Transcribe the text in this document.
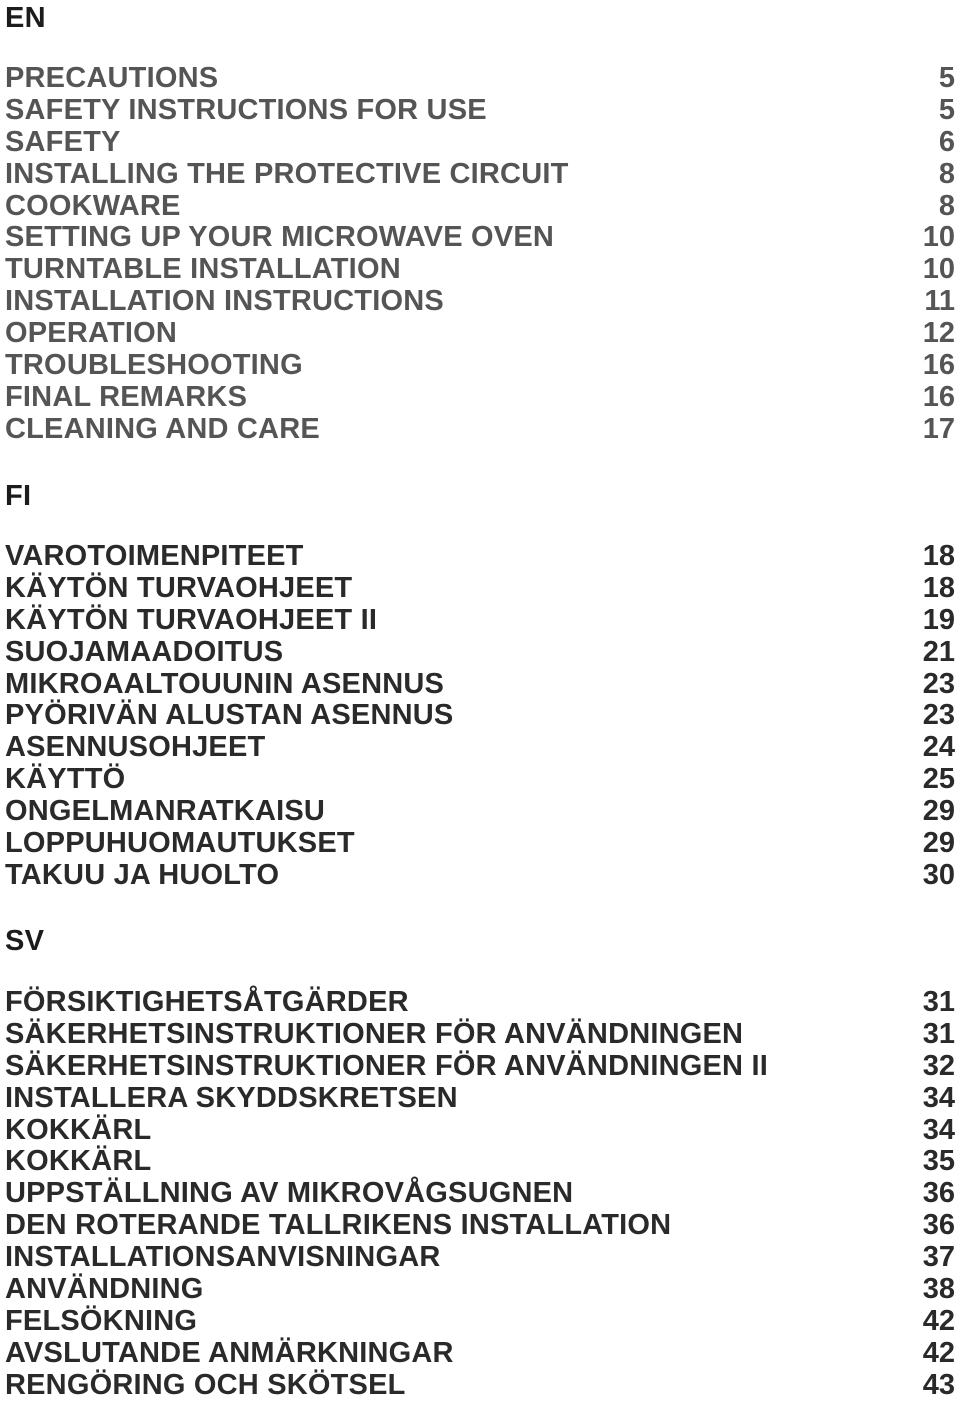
EN
PRECAUTIONS	5
SAFETY INSTRUCTIONS FOR USE	5
SAFETY	6
INSTALLING THE PROTECTIVE CIRCUIT	8
COOKWARE	8
SETTING UP YOUR MICROWAVE OVEN	10
TURNTABLE INSTALLATION	10
INSTALLATION INSTRUCTIONS	11
OPERATION	12
TROUBLESHOOTING	16
FINAL REMARKS	16
CLEANING AND CARE	17
FI
VAROTOIMENPITEET	18
KÄYTÖN TURVAOHJEET	18
KÄYTÖN TURVAOHJEET II	19
SUOJAMAADOITUS	21
MIKROAALTOUUNIN ASENNUS	23
PYÖRIVÄN ALUSTAN ASENNUS	23
ASENNUSOHJEET	24
KÄYTTÖ	25
ONGELMANRATKAISU	29
LOPPUHUOMAUTUKSET	29
TAKUU JA HUOLTO	30
SV
FÖRSIKTIGHETSÅTGÄRDER	31
SÄKERHETSINSTRUKTIONER FÖR ANVÄNDNINGEN	31
SÄKERHETSINSTRUKTIONER FÖR ANVÄNDNINGEN II	32
INSTALLERA SKYDDSKRETSEN	34
KOKKÄRL	34
KOKKÄRL	35
UPPSTÄLLNING AV MIKROVÅGSUGNEN	36
DEN ROTERANDE TALLRIKENS INSTALLATION	36
INSTALLATIONSANVISNINGAR	37
ANVÄNDNING	38
FELSÖKNING	42
AVSLUTANDE ANMÄRKNINGAR	42
RENGÖRING OCH SKÖTSEL	43
